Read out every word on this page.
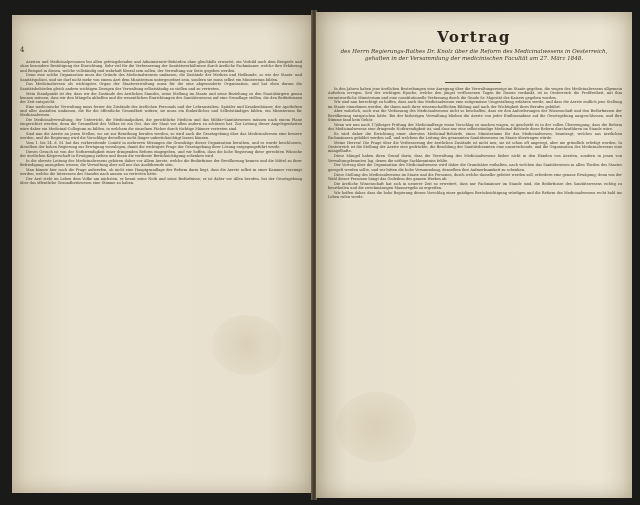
4

Aerzten und Medicinalpersonen bei allen gefetzgebenden und Administrativ-Behörden ohne gleichfalls erwartet, ein Vorbild nach dem Beispiele und ohne besondere Bestätigung der Einrichtung. Sehr viel für die Verbesserung der Sanitätsverhältnisse durch ärztliche Fachmänner, welche ihre Erfahrung und Beispiel in diesen, welche vollständig und wahrhaft liberal sein sollen, der Verwaltung zur Seite gegeben werden.

Denn eine solche Organisation muss die Gründe des Medicinalwesens umfassen, die Zustände der Medicin und Heilkunde, so wie der Staats- und Sanitätspolizei, und sie darf nicht mehr von einem Arzt dem Ministerium untergeordnet sein, sondern sie muss selbst ein Ministerium bilden.

Das Medicinalwesen als wichtigstes Organ der Staatsverwaltung muss für die eine abgesonderte Organisation, und hat eben darum die Sanitätsbehörden gleich andern wichtigen Zweigen der Verwaltung selbstständig zu stellen und zu vertreten.

Mein Standpunkt ist der, dass wir die Zustände des ärztlichen Standes, seine Stellung im Staate und seine Beziehung zu den Staatsbürgern genau kennen müssen; dass wir den Mängeln abhelfen und die wesentlichen Einrichtungen des Sanitätswesens auf eine Grundlage stellen, die den Bedürfnissen der Zeit entspricht.

Eine medicinische Verwaltung muss ferner die Zustände des ärztlichen Personals und der Lehranstalten, Spitäler und Krankenhäuser, der Apotheken und aller Anstalten umfassen, die für die öffentliche Gesundheit wirken; sie muss ein Einheitliches und Selbstständiges bilden, ein Ministerium für Medicinalwesen.

Die Medicinalverwaltung, der Unterricht, die Medicinalpolizei, die gerichtliche Medicin und das Militär-Sanitätswesen müssen nach einem Plane eingerichtet werden; denn die Gesundheit des Volkes ist ein Gut, das der Staat vor allen andern zu schützen hat. Zur Leitung dieser Angelegenheiten wäre daher ein Medicinal-Collegium zu bilden, in welchem die einzelnen Fächer durch tüchtige Männer vertreten sind.

Sind nun die Aerzte an jenen Stellen, wo sie zur Berathung berufen werden, so wird auch die Gesetzgebung über das Medicinalwesen eine bessere werden, und die Regierung wird die Vorschläge derselben nicht länger unberücksichtigt lassen können.

Vom 1. bis 14. d. M. hat das vorbereitende Comité in mehreren Sitzungen die Grundzüge dieser Organisation berathen, und es wurde beschlossen, dieselben der hohen Regierung zur Erwägung vorzulegen, damit die wichtigste Frage der Gesetzgebung ihrer Lösung entgegengeführt werde.

Dieses Gesuch ist von der Nothwendigkeit einer dringenden Reform eingegeben, und wir hoffen, dass die hohe Regierung diese gerechten Wünsche der ärztlichen Körperschaft in Erwägung ziehen und ihnen die verdiente Berücksichtigung schenken wird.

In die oberste Leitung des Medicinalwesens gehören daher vor Allem Aerzte, welche die Bedürfnisse der Bevölkerung kennen und die Mittel zu ihrer Befriedigung anzugeben wissen; die Verwaltung aber soll nur das Ausführende sein.

Man könnte hier noch die Frage aufwerfen, ob nicht eine Hauptgrundlage der Reform darin liegt, dass die Aerzte selbst in einer Kammer vereinigt werden, welche die Interessen des Standes nach aussen zu vertreten hätte.

Der Arzt steht im Leben dem Volke am nächsten, er kennt seine Noth und seine Bedürfnisse; er ist daher vor Allen berufen, bei der Gesetzgebung über das öffentliche Gesundheitswesen eine Stimme zu haben.

Vortrag
des Herrn Regierungs-Rathes Dr. Knolz über die Reform des Medicinalwesens in Oesterreich, gehalten in der Versammlung der medicinischen Facultät am 27. März 1848.

In den Jahren haben jene ärztlichen Bestrebungen eine Anregung über die Verwaltungszweige im Staate gegeben, die wegen des Medicinalwesens allgemein Aufsehen erregen. Seit der wichtigen Epoche, welche den jüngst verflossenen Tagen ihr Dasein verdankt, ist in Oesterreich die Preßfreiheit, mit ihm verantwortliche Ministerium und eine constitutionelle Verfassung durch die Gnade Sr. Majestät des Kaisers gegeben worden.

Wir sind nun berechtigt zu hoffen, dass auch das Medicinalwesen eine zeitgemässe Umgestaltung erfahren werde, und dass die Aerzte endlich jene Stellung im Staate einnehmen werden, die ihnen nach ihrer wissenschaftlichen Bildung und nach der Wichtigkeit ihres Berufes gebührt.

Aber wahrlich, noch war die Verfassung des Medicinalwesens nicht so beschaffen, dass sie den Anforderungen der Wissenschaft und den Bedürfnissen der Bevölkerung entsprochen hätte. Bei der bisherigen Verwaltung blieben die Aerzte von jeder Einflussnahme auf die Gesetzgebung ausgeschlossen, und ihre Stimme fand kein Gehör.

Wenn wir nun nach 17jähriger Prüfung der Medicinalfrage einen Vorschlag zu machen wagen, so geschieht es in der vollen Überzeugung, dass die Reform des Medicinalwesens eine dringende Nothwendigkeit ist, und dass nur eine selbstständige Medicinal-Behörde diese Reform durchzuführen im Stande wäre.

Es wird daher die Errichtung einer obersten Medicinal-Behörde, eines Ministeriums für das Medicinalwesen, beantragt, welches aus ärztlichen Fachmännern gebildet werden soll, und welchem die Leitung des gesammten Sanitätswesens im Staate übertragen würde.

Meine Herren! Die Frage über die Verbesserung der ärztlichen Zustände ist nicht neu; sie ist schon oft angeregt, aber nie gründlich erledigt worden. In Oesterreich ist die Stellung der Aerzte eine gedrückte, die Besoldung der Sanitätsbeamten eine unzureichende, und die Organisation des Medicinalwesens eine mangelhafte.

Diese Mängel haben ihren Grund darin, dass die Verwaltung des Medicinalwesens bisher nicht in den Händen von Aerzten, sondern in jenen von Verwaltungsbeamten lag, denen die nöthige Sachkenntniss fehlte.

Der Vortrag über die Organisation des Medicinalwesens wird daher die Grundsätze enthalten, nach welchen das Sanitätswesen in allen Theilen des Staates geregelt werden sollte, und wir bitten die hohe Versammlung, denselben ihre Aufmerksamkeit zu schenken.

Diese Stellung des Medicinalwesens im Staate und die Personen, durch welche dasselbe geleitet werden soll, erfordern eine genaue Erwägung; denn von der Wahl dieser Personen hängt das Gedeihen des ganzen Werkes ab.

Die ärztliche Wissenschaft hat sich in neuerer Zeit so erweitert, dass nur Fachmänner im Stande sind, die Bedürfnisse des Sanitätswesens richtig zu beurtheilen und die zweckmässigen Maassregeln zu ergreifen.

Wir hoffen daher, dass die hohe Regierung diesen Vorschlag einer gnädigen Berücksichtigung würdigen und die Reform des Medicinalwesens recht bald ins Leben rufen werde.
